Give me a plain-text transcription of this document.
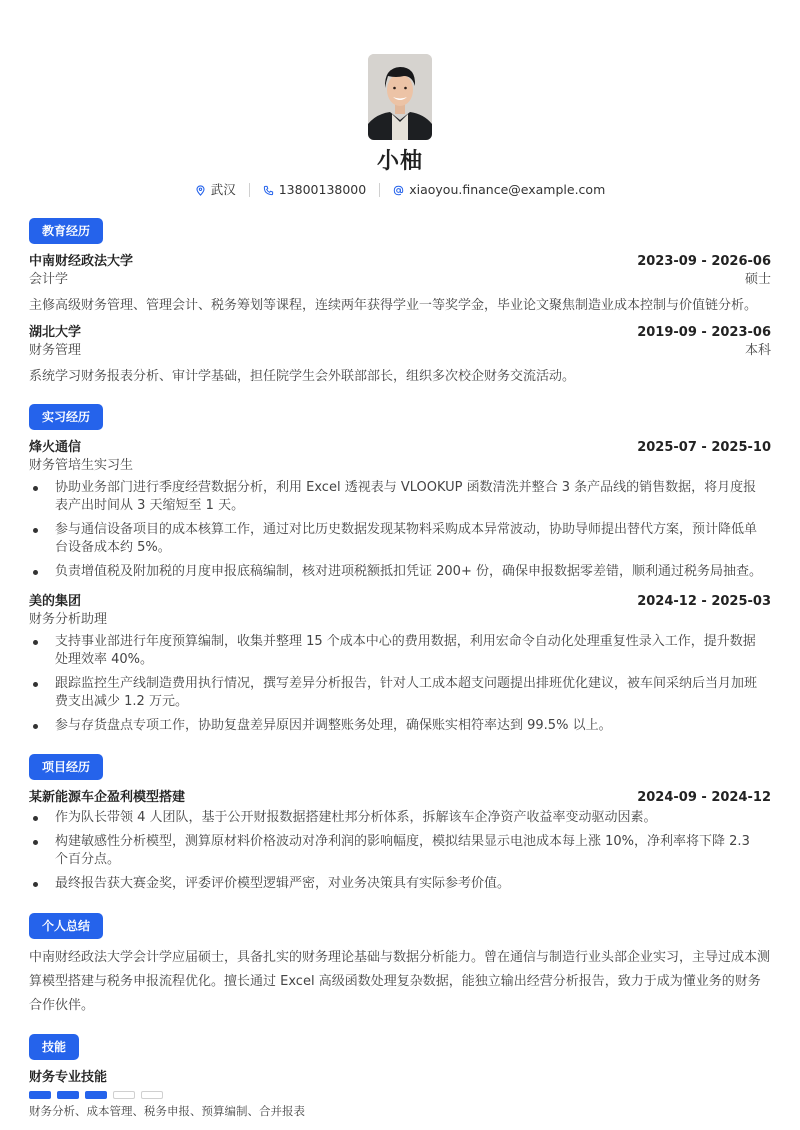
小柚
武汉	13800138000	xiaoyou.finance@example.com
教育经历
中南财经政法大学	2023-09 - 2026-06
会计学	硕士
主修高级财务管理、管理会计、税务筹划等课程，连续两年获得学业一等奖学金，毕业论文聚焦制造业成本控制与价值链分析。
湖北大学	2019-09 - 2023-06
财务管理	本科
系统学习财务报表分析、审计学基础，担任院学生会外联部部长，组织多次校企财务交流活动。
实习经历
烽火通信	2025-07 - 2025-10
财务管培生实习生
协助业务部门进行季度经营数据分析，利用 Excel 透视表与 VLOOKUP 函数清洗并整合 3 条产品线的销售数据，将月度报表产出时间从 3 天缩短至 1 天。
参与通信设备项目的成本核算工作，通过对比历史数据发现某物料采购成本异常波动，协助导师提出替代方案，预计降低单台设备成本约 5%。
负责增值税及附加税的月度申报底稿编制，核对进项税额抵扣凭证 200+ 份，确保申报数据零差错，顺利通过税务局抽查。
美的集团	2024-12 - 2025-03
财务分析助理
支持事业部进行年度预算编制，收集并整理 15 个成本中心的费用数据，利用宏命令自动化处理重复性录入工作，提升数据处理效率 40%。
跟踪监控生产线制造费用执行情况，撰写差异分析报告，针对人工成本超支问题提出排班优化建议，被车间采纳后当月加班费支出减少 1.2 万元。
参与存货盘点专项工作，协助复盘差异原因并调整账务处理，确保账实相符率达到 99.5% 以上。
项目经历
某新能源车企盈利模型搭建	2024-09 - 2024-12
作为队长带领 4 人团队，基于公开财报数据搭建杜邦分析体系，拆解该车企净资产收益率变动驱动因素。
构建敏感性分析模型，测算原材料价格波动对净利润的影响幅度，模拟结果显示电池成本每上涨 10%，净利率将下降 2.3 个百分点。
最终报告获大赛金奖，评委评价模型逻辑严密，对业务决策具有实际参考价值。
个人总结
中南财经政法大学会计学应届硕士，具备扎实的财务理论基础与数据分析能力。曾在通信与制造行业头部企业实习，主导过成本测算模型搭建与税务申报流程优化。擅长通过 Excel 高级函数处理复杂数据，能独立输出经营分析报告，致力于成为懂业务的财务合作伙伴。
技能
财务专业技能
财务分析、成本管理、税务申报、预算编制、合并报表
